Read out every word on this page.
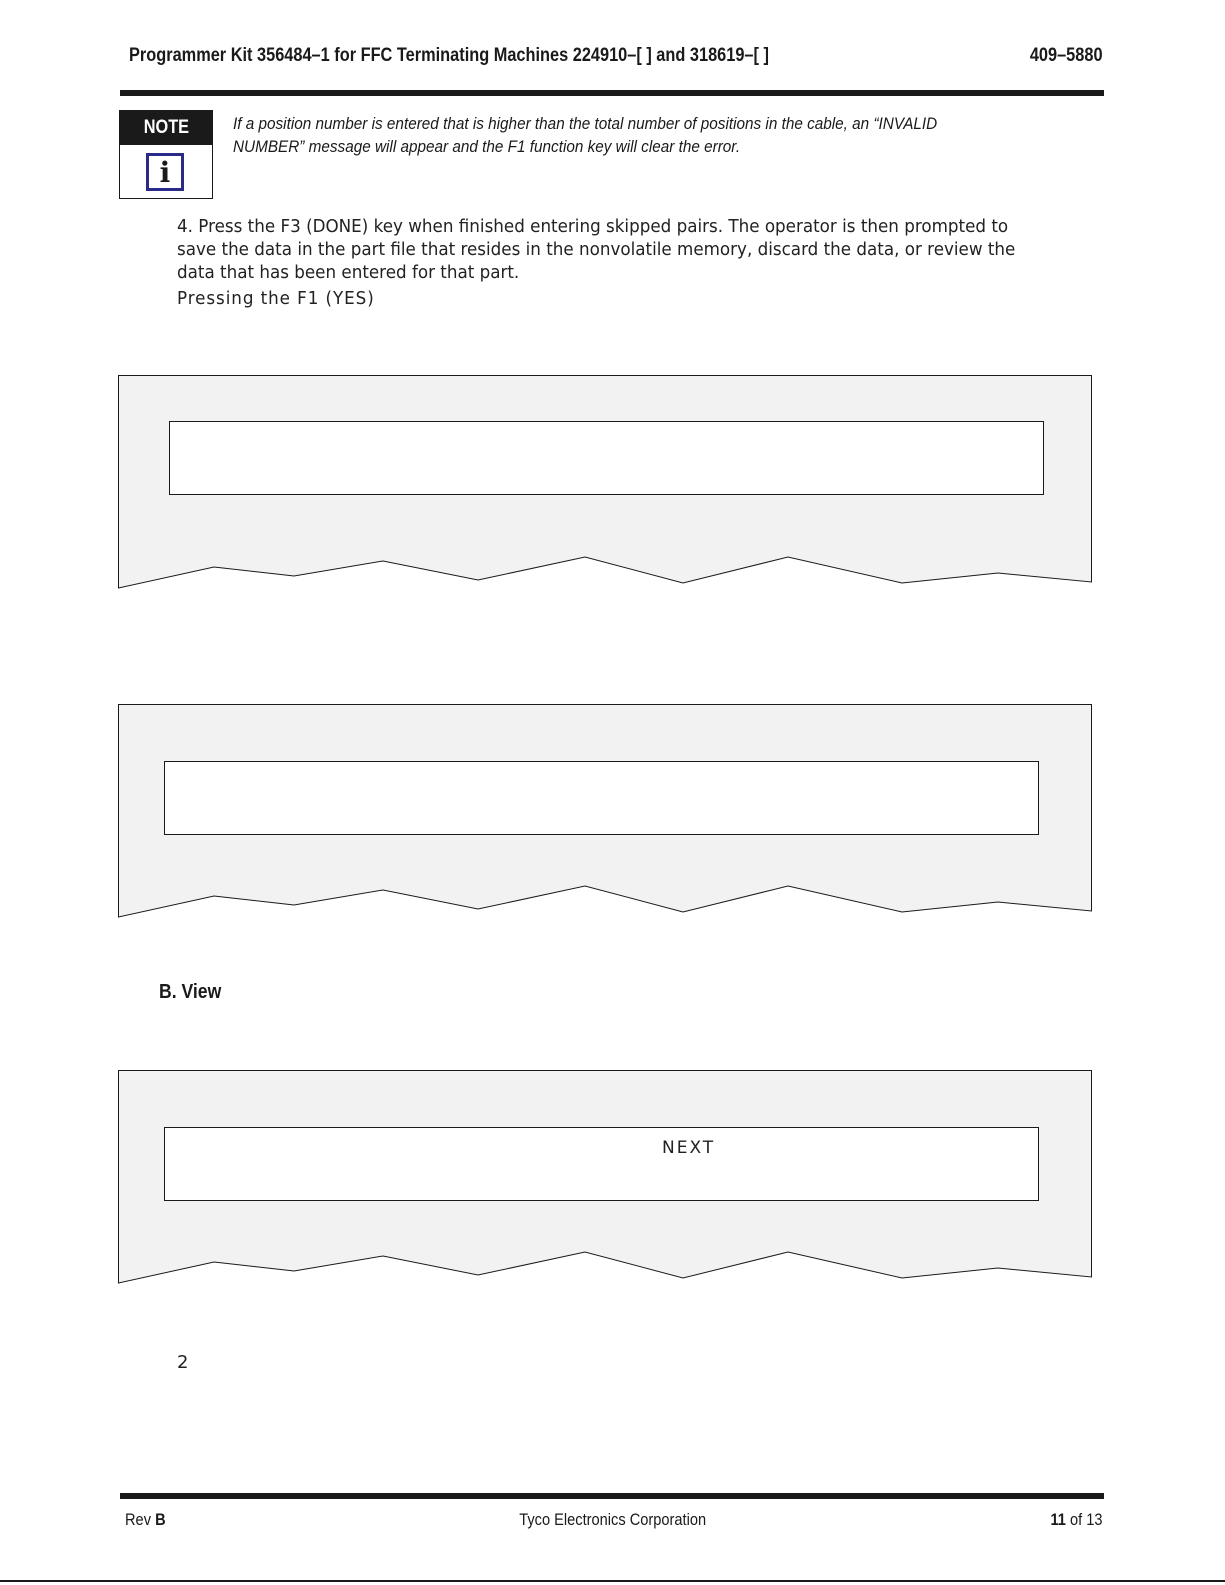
Programmer Kit 356484–1 for FFC Terminating Machines 224910–[ ] and 318619–[ ]	409–5880
NOTE
i
If a position number is entered that is higher than the total number of positions in the cable, an “INVALID NUMBER” message will appear and the F1 function key will clear the error.
4. Press the F3 (DONE) key when finished entering skipped pairs. The operator is then prompted to save the data in the part file that resides in the nonvolatile memory, discard the data, or review the data that has been entered for that part.
Pressing the F1 (YES)
B. View
NEXT
2
Rev B	Tyco Electronics Corporation	11 of 13
